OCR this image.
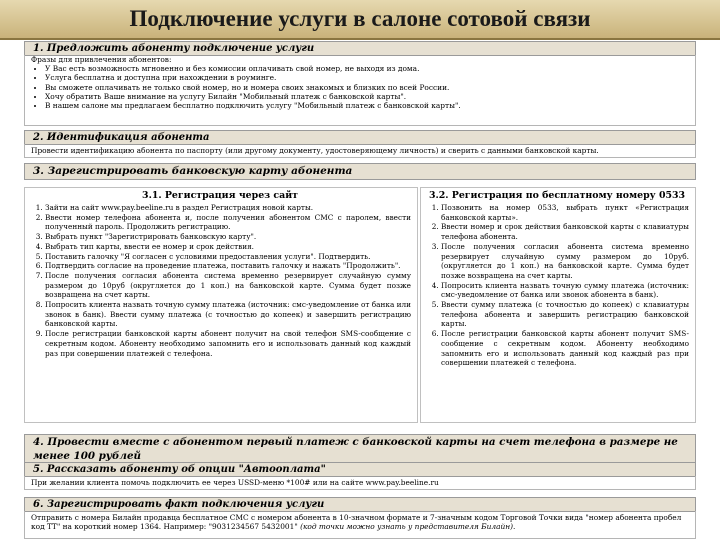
Подключение услуги в салоне сотовой связи
1. Предложить абоненту подключение услуги
Фразы для привлечения абонентов:
• У Вас есть возможность мгновенно и без комиссии оплачивать свой номер, не выходя из дома.
• Услуга бесплатна и доступна при нахождении в роуминге.
• Вы сможете оплачивать не только свой номер, но и номера своих знакомых и близких по всей России.
• Хочу обратить Ваше внимание на услугу Билайн "Мобильный платеж с банковской карты".
• В нашем салоне мы предлагаем бесплатно подключить услугу "Мобильный платеж с банковской карты".
2. Идентификация абонента
Провести идентификацию абонента по паспорту (или другому документу, удостоверяющему личность) и сверить с данными банковской карты.
3. Зарегистрировать банковскую карту абонента
3.1. Регистрация через сайт
1. Зайти на сайт www.pay.beeline.ru в раздел Регистрация новой карты.
2. Ввести номер телефона абонента и, после получения абонентом СМС с паролем, ввести полученный пароль. Продолжить регистрацию.
3. Выбрать пункт "Зарегистрировать банковскую карту".
4. Выбрать тип карты, ввести ее номер и срок действия.
5. Поставить галочку "Я согласен с условиями предоставления услуги". Подтвердить.
6. Подтвердить согласие на проведение платежа, поставить галочку и нажать "Продолжить".
7. После получения согласия абонента система временно резервирует случайную сумму размером до 10руб (округляется до 1 коп.) на банковской карте. Сумма будет позже возвращена на счет карты.
8. Попросить клиента назвать точную сумму платежа (источник: смс-уведомление от банка или звонок в банк). Ввести сумму платежа (с точностью до копеек) и завершить регистрацию банковской карты.
9. После регистрации банковской карты абонент получит на свой телефон SMS-сообщение с секретным кодом. Абоненту необходимо запомнить его и использовать данный код каждый раз при совершении платежей с телефона.
3.2. Регистрация по бесплатному номеру 0533
1. Позвонить на номер 0533, выбрать пункт «Регистрация банковской карты».
2. Ввести номер и срок действия банковской карты с клавиатуры телефона абонента.
3. После получения согласия абонента система временно резервирует случайную сумму размером до 10руб. (округляется до 1 коп.) на банковской карте. Сумма будет позже возвращена на счет карты.
4. Попросить клиента назвать точную сумму платежа (источник: смс-уведомление от банка или звонок абонента в банк).
5. Ввести сумму платежа (с точностью до копеек) с клавиатуры телефона абонента и завершить регистрацию банковской карты.
6. После регистрации банковской карты абонент получит SMS-сообщение с секретным кодом. Абоненту необходимо запомнить его и использовать данный код каждый раз при совершении платежей с телефона.
4. Провести вместе с абонентом первый платеж с банковской карты на счет телефона в размере не менее 100 рублей
5. Рассказать абоненту об опции "Автооплата"
При желании клиента помочь подключить ее через USSD-меню *100# или на сайте www.pay.beeline.ru
6. Зарегистрировать факт подключения услуги
Отправить с номера Билайн продавца бесплатное СМС с номером абонента в 10-значном формате и 7-значным кодом Торговой Точки вида "номер абонента пробел код ТТ" на короткий номер 1364. Например: "9031234567 5432001" (код точки можно узнать у представителя Билайн).
